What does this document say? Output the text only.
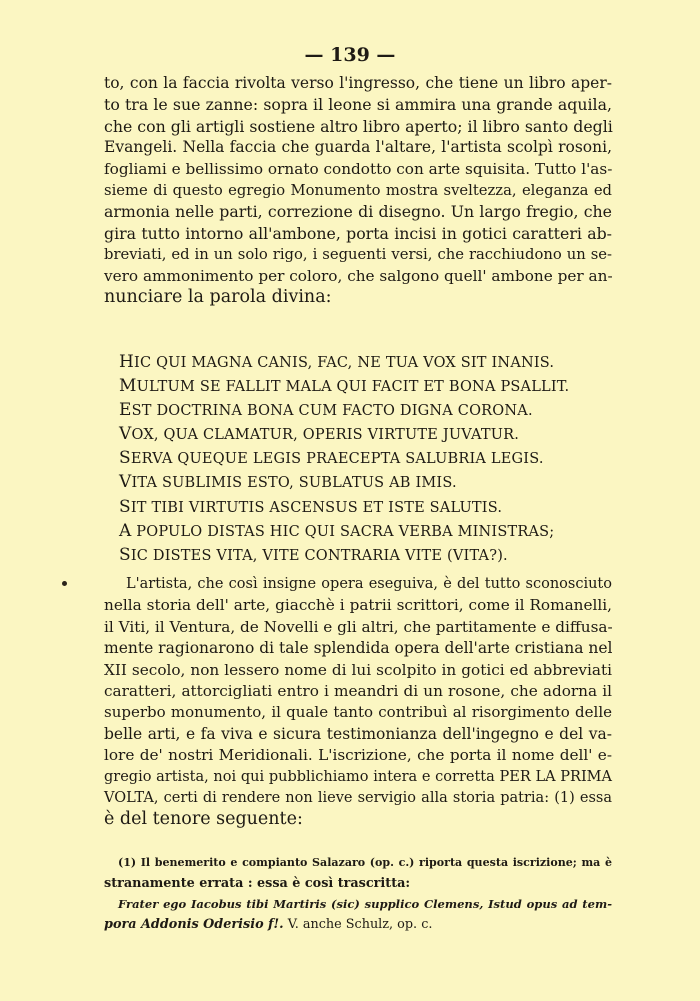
— 139 —
to, con la faccia rivolta verso l'ingresso, che tiene un libro aper-
to tra le sue zanne: sopra il leone si ammira una grande aquila,
che con gli artigli sostiene altro libro aperto; il libro santo degli
Evangeli. Nella faccia che guarda l'altare, l'artista scolpì rosoni,
fogliami e bellissimo ornato condotto con arte squisita. Tutto l'as-
sieme di questo egregio Monumento mostra sveltezza, eleganza ed
armonia nelle parti, correzione di disegno. Un largo fregio, che
gira tutto intorno all'ambone, porta incisi in gotici caratteri ab-
breviati, ed in un solo rigo, i seguenti versi, che racchiudono un se-
vero ammonimento per coloro, che salgono quell' ambone per an-
nunciare la parola divina:
HIC QUI MAGNA CANIS, FAC, NE TUA VOX SIT INANIS.
MULTUM SE FALLIT MALA QUI FACIT ET BONA PSALLIT.
EST DOCTRINA BONA CUM FACTO DIGNA CORONA.
VOX, QUA CLAMATUR, OPERIS VIRTUTE JUVATUR.
SERVA QUEQUE LEGIS PRAECEPTA SALUBRIA LEGIS.
VITA SUBLIMIS ESTO, SUBLATUS AB IMIS.
SIT TIBI VIRTUTIS ASCENSUS ET ISTE SALUTIS.
A POPULO DISTAS HIC QUI SACRA VERBA MINISTRAS;
SIC DISTES VITA, VITE CONTRARIA VITE (VITA?).
L'artista, che così insigne opera eseguiva, è del tutto sconosciuto
nella storia dell' arte, giacchè i patrii scrittori, come il Romanelli,
il Viti, il Ventura, de Novelli e gli altri, che partitamente e diffusa-
mente ragionarono di tale splendida opera dell'arte cristiana nel
XII secolo, non lessero nome di lui scolpito in gotici ed abbreviati
caratteri, attorcigliati entro i meandri di un rosone, che adorna il
superbo monumento, il quale tanto contribuì al risorgimento delle
belle arti, e fa viva e sicura testimonianza dell'ingegno e del va-
lore de' nostri Meridionali. L'iscrizione, che porta il nome dell' e-
gregio artista, noi qui pubblichiamo intera e corretta PER LA PRIMA
VOLTA, certi di rendere non lieve servigio alla storia patria: (1) essa
è del tenore seguente:
(1) Il benemerito e compianto Salazaro (op. c.) riporta questa iscrizione; ma è
stranamente errata : essa è così trascritta:
Frater ego Iacobus tibi Martiris (sic) supplico Clemens, Istud opus ad tem-
pora Addonis Oderisio f!. V. anche Schulz, op. c.
